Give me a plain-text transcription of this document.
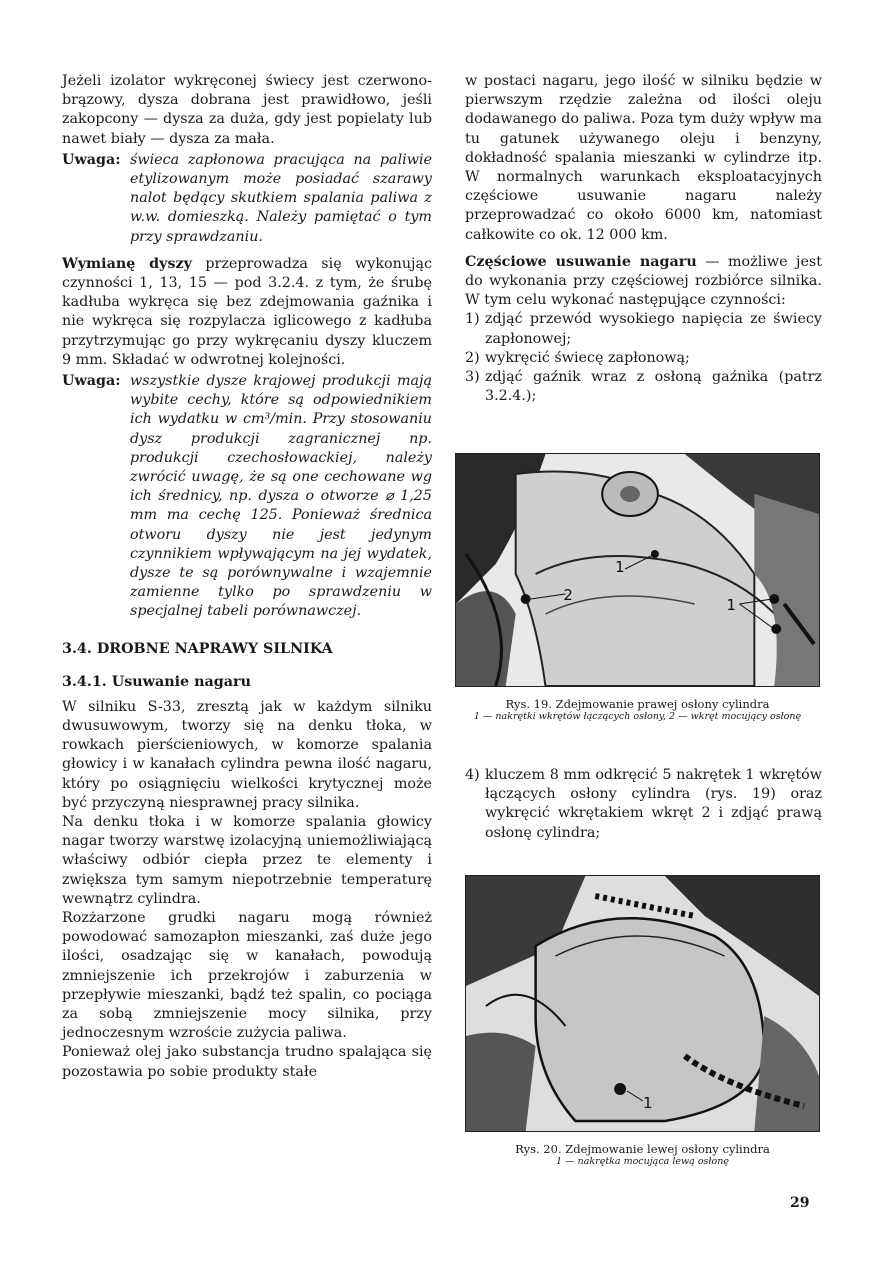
Jeżeli izolator wykręconej świecy jest czerwono-brązowy, dysza dobrana jest prawidłowo, jeśli zakopcony — dysza za duża, gdy jest popielaty lub nawet biały — dysza za mała.

Uwaga: świeca zapłonowa pracująca na paliwie etylizowanym może posiadać szarawy nalot będący skutkiem spalania paliwa z w.w. domieszką. Należy pamiętać o tym przy sprawdzaniu.

Wymianę dyszy przeprowadza się wykonując czynności 1, 13, 15 — pod 3.2.4. z tym, że śrubę kadłuba wykręca się bez zdejmowania gaźnika i nie wykręca się rozpylacza iglicowego z kadłuba przytrzymując go przy wykręcaniu dyszy kluczem 9 mm. Składać w odwrotnej kolejności.

Uwaga: wszystkie dysze krajowej produkcji mają wybite cechy, które są odpowiednikiem ich wydatku w cm³/min. Przy stosowaniu dysz produkcji zagranicznej np. produkcji czechosłowackiej, należy zwrócić uwagę, że są one cechowane wg ich średnicy, np. dysza o otworze ⌀ 1,25 mm ma cechę 125. Ponieważ średnica otworu dyszy nie jest jedynym czynnikiem wpływającym na jej wydatek, dysze te są porównywalne i wzajemnie zamienne tylko po sprawdzeniu w specjalnej tabeli porównawczej.
3.4. DROBNE NAPRAWY SILNIKA
3.4.1. Usuwanie nagaru

W silniku S-33, zresztą jak w każdym silniku dwusuwowym, tworzy się na denku tłoka, w rowkach pierścieniowych, w komorze spalania głowicy i w kanałach cylindra pewna ilość nagaru, który po osiągnięciu wielkości krytycznej może być przyczyną niesprawnej pracy silnika.

Na denku tłoka i w komorze spalania głowicy nagar tworzy warstwę izolacyjną uniemożliwiającą właściwy odbiór ciepła przez te elementy i zwiększa tym samym niepotrzebnie temperaturę wewnątrz cylindra.

Rozżarzone grudki nagaru mogą również powodować samozapłon mieszanki, zaś duże jego ilości, osadzając się w kanałach, powodują zmniejszenie ich przekrojów i zaburzenia w przepływie mieszanki, bądź też spalin, co pociąga za sobą zmniejszenie mocy silnika, przy jednoczesnym wzroście zużycia paliwa.

Ponieważ olej jako substancja trudno spalająca się pozostawia po sobie produkty stałe

w postaci nagaru, jego ilość w silniku będzie w pierwszym rzędzie zależna od ilości oleju dodawanego do paliwa. Poza tym duży wpływ ma tu gatunek używanego oleju i benzyny, dokładność spalania mieszanki w cylindrze itp. W normalnych warunkach eksploatacyjnych częściowe usuwanie nagaru należy przeprowadzać co około 6000 km, natomiast całkowite co ok. 12 000 km.

Częściowe usuwanie nagaru — możliwe jest do wykonania przy częściowej rozbiórce silnika. W tym celu wykonać następujące czynności:

1) zdjąć przewód wysokiego napięcia ze świecy zapłonowej;
2) wykręcić świecę zapłonową;
3) zdjąć gaźnik wraz z osłoną gaźnika (patrz 3.2.4.);
1
2
1
Rys. 19. Zdejmowanie prawej osłony cylindra
1 — nakrętki wkrętów łączących osłony, 2 — wkręt mocujący osłonę
4) kluczem 8 mm odkręcić 5 nakrętek 1 wkrętów łączących osłony cylindra (rys. 19) oraz wykręcić wkrętakiem wkręt 2 i zdjąć prawą osłonę cylindra;
1
Rys. 20. Zdejmowanie lewej osłony cylindra
1 — nakrętka mocująca lewą osłonę
29
